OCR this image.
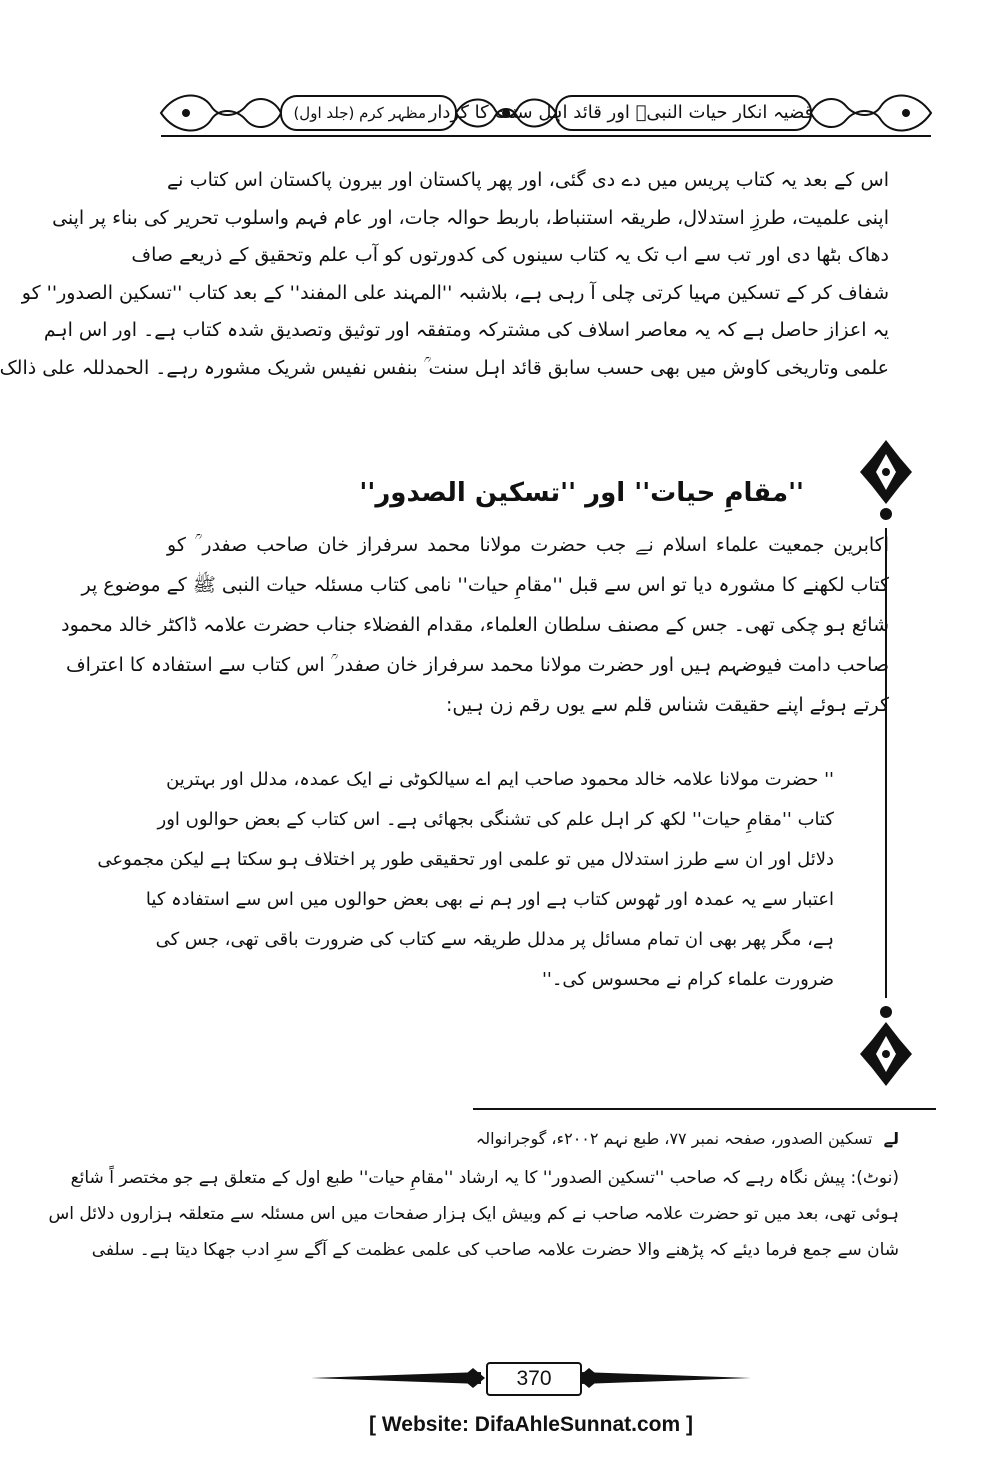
قضیہ انکار حیات النبیؐ اور قائد اہل سنت کا کردار
مظہر کرم (جلد اول)
اس کے بعد یہ کتاب پریس میں دے دی گئی، اور پھر پاکستان اور بیرون پاکستان اس کتاب نے
اپنی علمیت، طرزِ استدلال، طریقہ استنباط، باربط حوالہ جات، اور عام فہم واسلوب تحریر کی بناء پر اپنی
دھاک بٹھا دی اور تب سے اب تک یہ کتاب سینوں کی کدورتوں کو آب علم وتحقیق کے ذریعے صاف
شفاف کر کے تسکین مہیا کرتی چلی آ رہی ہے، بلاشبہ ''المہند علی المفند'' کے بعد کتاب ''تسکین الصدور'' کو
یہ اعزاز حاصل ہے کہ یہ معاصر اسلاف کی مشترکہ ومتفقہ اور توثیق وتصدیق شدہ کتاب ہے۔ اور اس اہم
علمی وتاریخی کاوش میں بھی حسب سابق قائد اہل سنت ؒ بنفس نفیس شریک مشورہ رہے۔ الحمدللہ علی ذالک
''مقامِ حیات'' اور ''تسکین الصدور''
اکابرین جمعیت علماء اسلام نے جب حضرت مولانا محمد سرفراز خان صاحب صفدر ؒ کو
کتاب لکھنے کا مشورہ دیا تو اس سے قبل ''مقامِ حیات'' نامی کتاب مسئلہ حیات النبی ﷺ کے موضوع پر
شائع ہو چکی تھی۔ جس کے مصنف سلطان العلماء، مقدام الفضلاء جناب حضرت علامہ ڈاکٹر خالد محمود
صاحب دامت فیوضہم ہیں اور حضرت مولانا محمد سرفراز خان صفدر ؒ اس کتاب سے استفادہ کا اعتراف
کرتے ہوئے اپنے حقیقت شناس قلم سے یوں رقم زن ہیں:
'' حضرت مولانا علامہ خالد محمود صاحب ایم اے سیالکوٹی نے ایک عمدہ، مدلل اور بہترین
کتاب ''مقامِ حیات'' لکھ کر اہل علم کی تشنگی بجھائی ہے۔ اس کتاب کے بعض حوالوں اور
دلائل اور ان سے طرز استدلال میں تو علمی اور تحقیقی طور پر اختلاف ہو سکتا ہے لیکن مجموعی
اعتبار سے یہ عمدہ اور ٹھوس کتاب ہے اور ہم نے بھی بعض حوالوں میں اس سے استفادہ کیا
ہے، مگر پھر بھی ان تمام مسائل پر مدلل طریقہ سے کتاب کی ضرورت باقی تھی، جس کی
ضرورت علماء کرام نے محسوس کی۔''
لے تسکین الصدور، صفحہ نمبر ۷۷، طبع نہم ۲۰۰۲ء، گوجرانوالہ
(نوٹ): پیش نگاہ رہے کہ صاحب ''تسکین الصدور'' کا یہ ارشاد ''مقامِ حیات'' طبع اول کے متعلق ہے جو مختصر اً شائع
ہوئی تھی، بعد میں تو حضرت علامہ صاحب نے کم وبیش ایک ہزار صفحات میں اس مسئلہ سے متعلقہ ہزاروں دلائل اس
شان سے جمع فرما دیئے کہ پڑھنے والا حضرت علامہ صاحب کی علمی عظمت کے آگے سرِ ادب جھکا دیتا ہے۔ سلفی
370
[ Website: DifaAhleSunnat.com ]
